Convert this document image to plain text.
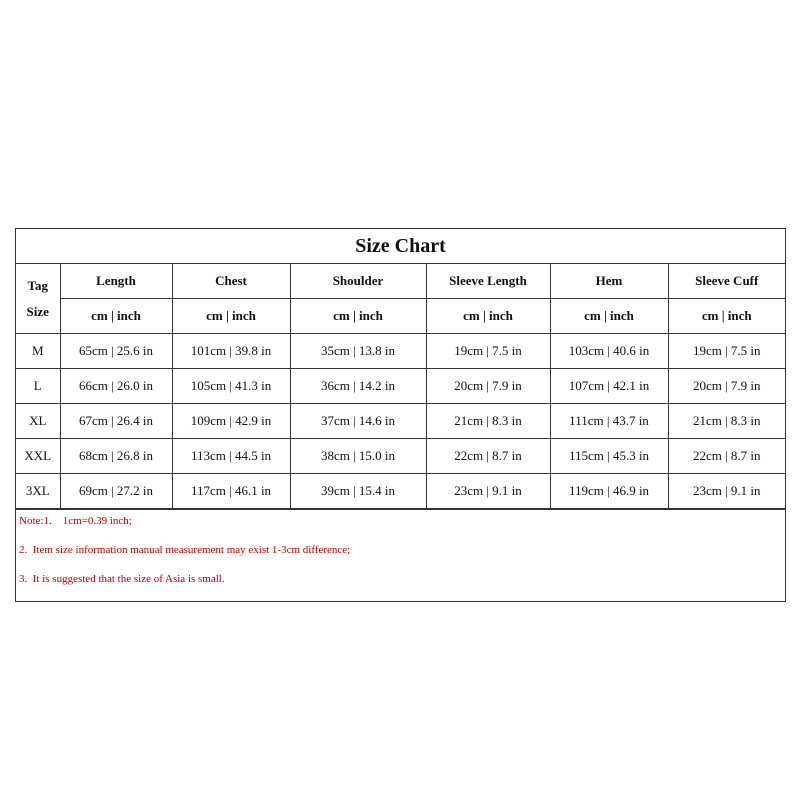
Size Chart
Tag
Size	Length	Chest	Shoulder	Sleeve Length	Hem	Sleeve Cuff
	cm | inch	cm | inch	cm | inch	cm | inch	cm | inch	cm | inch
M	65cm | 25.6 in	101cm | 39.8 in	35cm | 13.8 in	19cm | 7.5 in	103cm | 40.6 in	19cm | 7.5 in
L	66cm | 26.0 in	105cm | 41.3 in	36cm | 14.2 in	20cm | 7.9 in	107cm | 42.1 in	20cm | 7.9 in
XL	67cm | 26.4 in	109cm | 42.9 in	37cm | 14.6 in	21cm | 8.3 in	111cm | 43.7 in	21cm | 8.3 in
XXL	68cm | 26.8 in	113cm | 44.5 in	38cm | 15.0 in	22cm | 8.7 in	115cm | 45.3 in	22cm | 8.7 in
3XL	69cm | 27.2 in	117cm | 46.1 in	39cm | 15.4 in	23cm | 9.1 in	119cm | 46.9 in	23cm | 9.1 in
Note:1.    1cm=0.39 inch;
2.  Item size information manual measurement may exist 1-3cm difference;
3.  It is suggested that the size of Asia is small.
